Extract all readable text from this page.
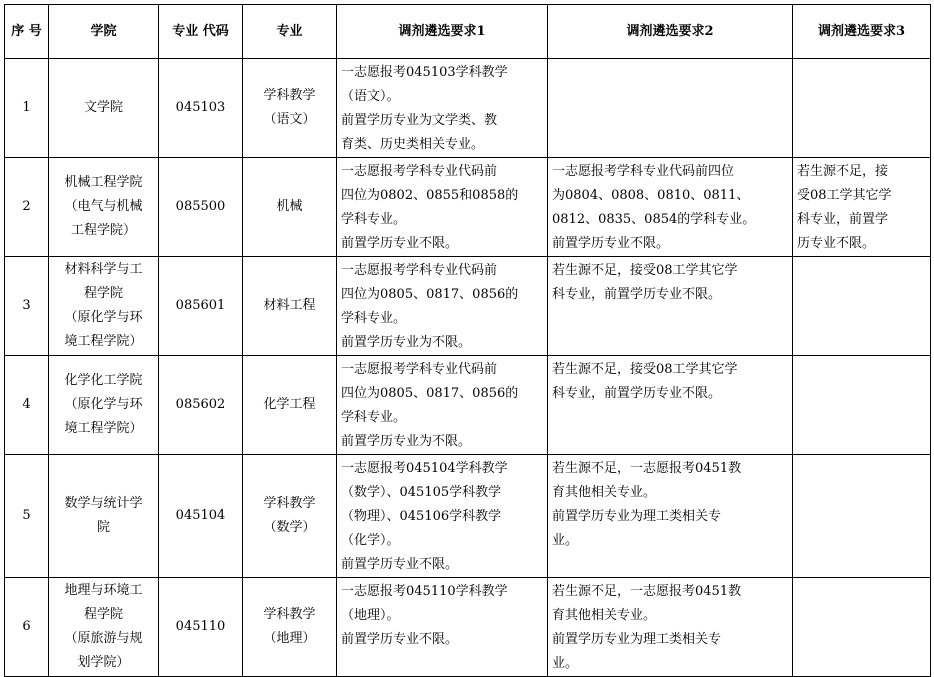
序 号	学院	专业 代码	专业	调剂遴选要求1	调剂遴选要求2	调剂遴选要求3

1	文学院	045103	学科教学
（语文）	一志愿报考045103学科教学
（语文）。
前置学历专业为文学类、教
育类、历史类相关专业。		

2	机械工程学院
（电气与机械
工程学院）	085500	机械	一志愿报考学科专业代码前
四位为0802、0855和0858的
学科专业。
前置学历专业不限。	一志愿报考学科专业代码前四位
为0804、0808、0810、0811、
0812、0835、0854的学科专业。
前置学历专业不限。	若生源不足，接
受08工学其它学
科专业，前置学
历专业不限。

3	材料科学与工
程学院
（原化学与环
境工程学院）	085601	材料工程	一志愿报考学科专业代码前
四位为0805、0817、0856的
学科专业。
前置学历专业为不限。	若生源不足，接受08工学其它学
科专业，前置学历专业不限。	

4	化学化工学院
（原化学与环
境工程学院）	085602	化学工程	一志愿报考学科专业代码前
四位为0805、0817、0856的
学科专业。
前置学历专业为不限。	若生源不足，接受08工学其它学
科专业，前置学历专业不限。	

5	数学与统计学
院	045104	学科教学
（数学）	一志愿报考045104学科教学
（数学）、045105学科教学
（物理）、045106学科教学
（化学）。
前置学历专业不限。	若生源不足，一志愿报考0451教
育其他相关专业。
前置学历专业为理工类相关专
业。	

6	地理与环境工
程学院
（原旅游与规
划学院）	045110	学科教学
（地理）	一志愿报考045110学科教学
（地理）。
前置学历专业不限。	若生源不足，一志愿报考0451教
育其他相关专业。
前置学历专业为理工类相关专
业。	
